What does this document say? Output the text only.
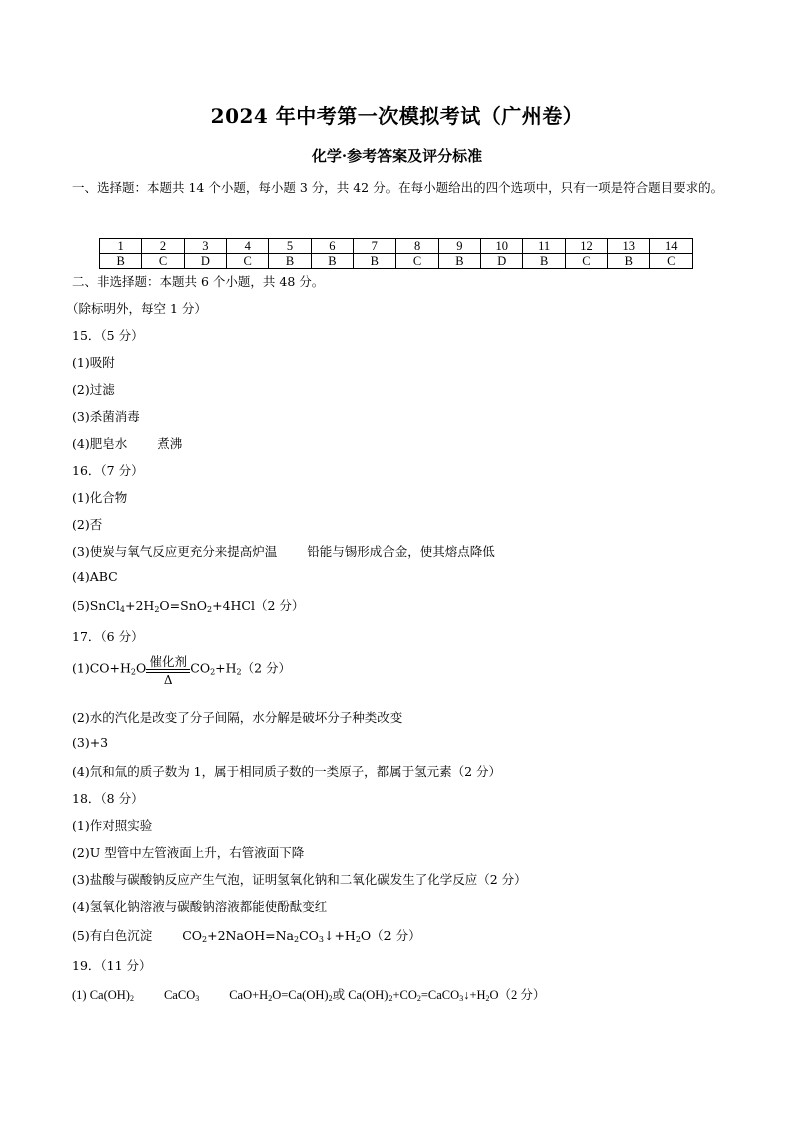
2024 年中考第一次模拟考试（广州卷）
化学·参考答案及评分标准
一、选择题：本题共 14 个小题，每小题 3 分，共 42 分。在每小题给出的四个选项中，只有一项是符合题目要求的。
1	2	3	4	5	6	7	8	9	10	11	12	13	14
B	C	D	C	B	B	B	C	B	D	B	C	B	C
二、非选择题：本题共 6 个小题，共 48 分。
（除标明外，每空 1 分）
15．（5 分）
(1)吸附
(2)过滤
(3)杀菌消毒
(4)肥皂水 煮沸
16．（7 分）
(1)化合物
(2)否
(3)使炭与氧气反应更充分来提高炉温 铅能与锡形成合金，使其熔点降低
(4)ABC
$(5)SnCl_4+2H_2O=SnO_2+4HCl(2$ 分）
17．（6 分）
$(1)CO+H_2O \frac{\text{催化剂}}{\Delta} CO_2+H_2(2$ 分）
(2)水的汽化是改变了分子间隔，水分解是破坏分子种类改变
(3)+3
(4)氘和氚的质子数为 1，属于相同质子数的一类原子，都属于氢元素（2 分）
18．（8 分）
(1)作对照实验
(2)U 型管中左管液面上升，右管液面下降
(3)盐酸与碳酸钠反应产生气泡，证明氢氧化钠和二氧化碳发生了化学反应（2 分）
(4)氢氧化钠溶液与碳酸钠溶液都能使酚酞变红
(5)有白色沉淀 $CO_2+2NaOH=Na_2CO_3↓+H_2O(2$ 分）
19．（11 分）
(1) $Ca(OH)_2$ CaCO$_3$ $CaO+H_2O=Ca(OH)_2$或 $Ca(OH)_2+CO_2=CaCO_3↓+H_2O(2$ 分）
